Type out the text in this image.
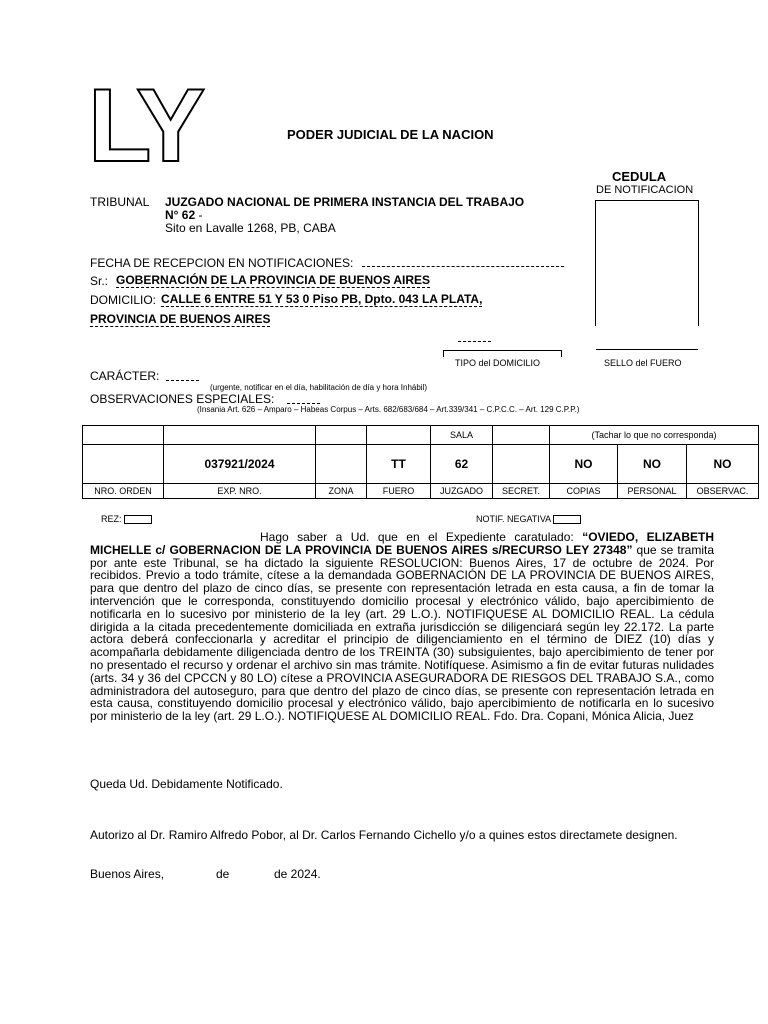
LY	PODER JUDICIAL DE LA NACION
CEDULA
DE NOTIFICACION
TRIBUNAL JUZGADO NACIONAL DE PRIMERA INSTANCIA DEL TRABAJO
N° 62 -
Sito en Lavalle 1268, PB, CABA
FECHA DE RECEPCION EN NOTIFICACIONES:
Sr.: GOBERNACIÓN DE LA PROVINCIA DE BUENOS AIRES
DOMICILIO: CALLE 6 ENTRE 51 Y 53 0 Piso PB, Dpto. 043 LA PLATA,
PROVINCIA DE BUENOS AIRES
TIPO del DOMICILIO	SELLO del FUERO
CARÁCTER:
(urgente, notificar en el día, habilitación de día y hora Inhábil)
OBSERVACIONES ESPECIALES:
(Insania Art. 626 – Amparo – Habeas Corpus – Arts. 682/683/684 – Art.339/341 – C.P.C.C. – Art. 129 C.P.P.)
				SALA		(Tachar lo que no corresponda)		
	037921/2024		TT	62		NO	NO	NO
NRO. ORDEN	EXP. NRO.	ZONA	FUERO	JUZGADO	SECRET.	COPIAS	PERSONAL	OBSERVAC.
REZ:	NOTIF. NEGATIVA

Hago saber a Ud. que en el Expediente caratulado: “OVIEDO, ELIZABETH MICHELLE c/ GOBERNACION DE LA PROVINCIA DE BUENOS AIRES s/RECURSO LEY 27348” que se tramita por ante este Tribunal, se ha dictado la siguiente RESOLUCION: Buenos Aires, 17 de octubre de 2024. Por recibidos. Previo a todo trámite, cítese a la demandada GOBERNACIÓN DE LA PROVINCIA DE BUENOS AIRES, para que dentro del plazo de cinco días, se presente con representación letrada en esta causa, a fin de tomar la intervención que le corresponda, constituyendo domicilio procesal y electrónico válido, bajo apercibimiento de notificarla en lo sucesivo por ministerio de la ley (art. 29 L.O.). NOTIFIQUESE AL DOMICILIO REAL. La cédula dirigida a la citada precedentemente domiciliada en extraña jurisdicción se diligenciará según ley 22.172. La parte actora deberá confeccionarla y acreditar el principio de diligenciamiento en el término de DIEZ (10) días y acompañarla debidamente diligenciada dentro de los TREINTA (30) subsiguientes, bajo apercibimiento de tener por no presentado el recurso y ordenar el archivo sin mas trámite. Notifíquese. Asimismo a fin de evitar futuras nulidades (arts. 34 y 36 del CPCCN y 80 LO) cítese a PROVINCIA ASEGURADORA DE RIESGOS DEL TRABAJO S.A., como administradora del autoseguro, para que dentro del plazo de cinco días, se presente con representación letrada en esta causa, constituyendo domicilio procesal y electrónico válido, bajo apercibimiento de notificarla en lo sucesivo por ministerio de la ley (art. 29 L.O.). NOTIFIQUESE AL DOMICILIO REAL. Fdo. Dra. Copani, Mónica Alicia, Juez

Queda Ud. Debidamente Notificado.
Autorizo al Dr. Ramiro Alfredo Pobor, al Dr. Carlos Fernando Cichello y/o a quines estos directamete designen.
Buenos Aires,	de	de 2024.
